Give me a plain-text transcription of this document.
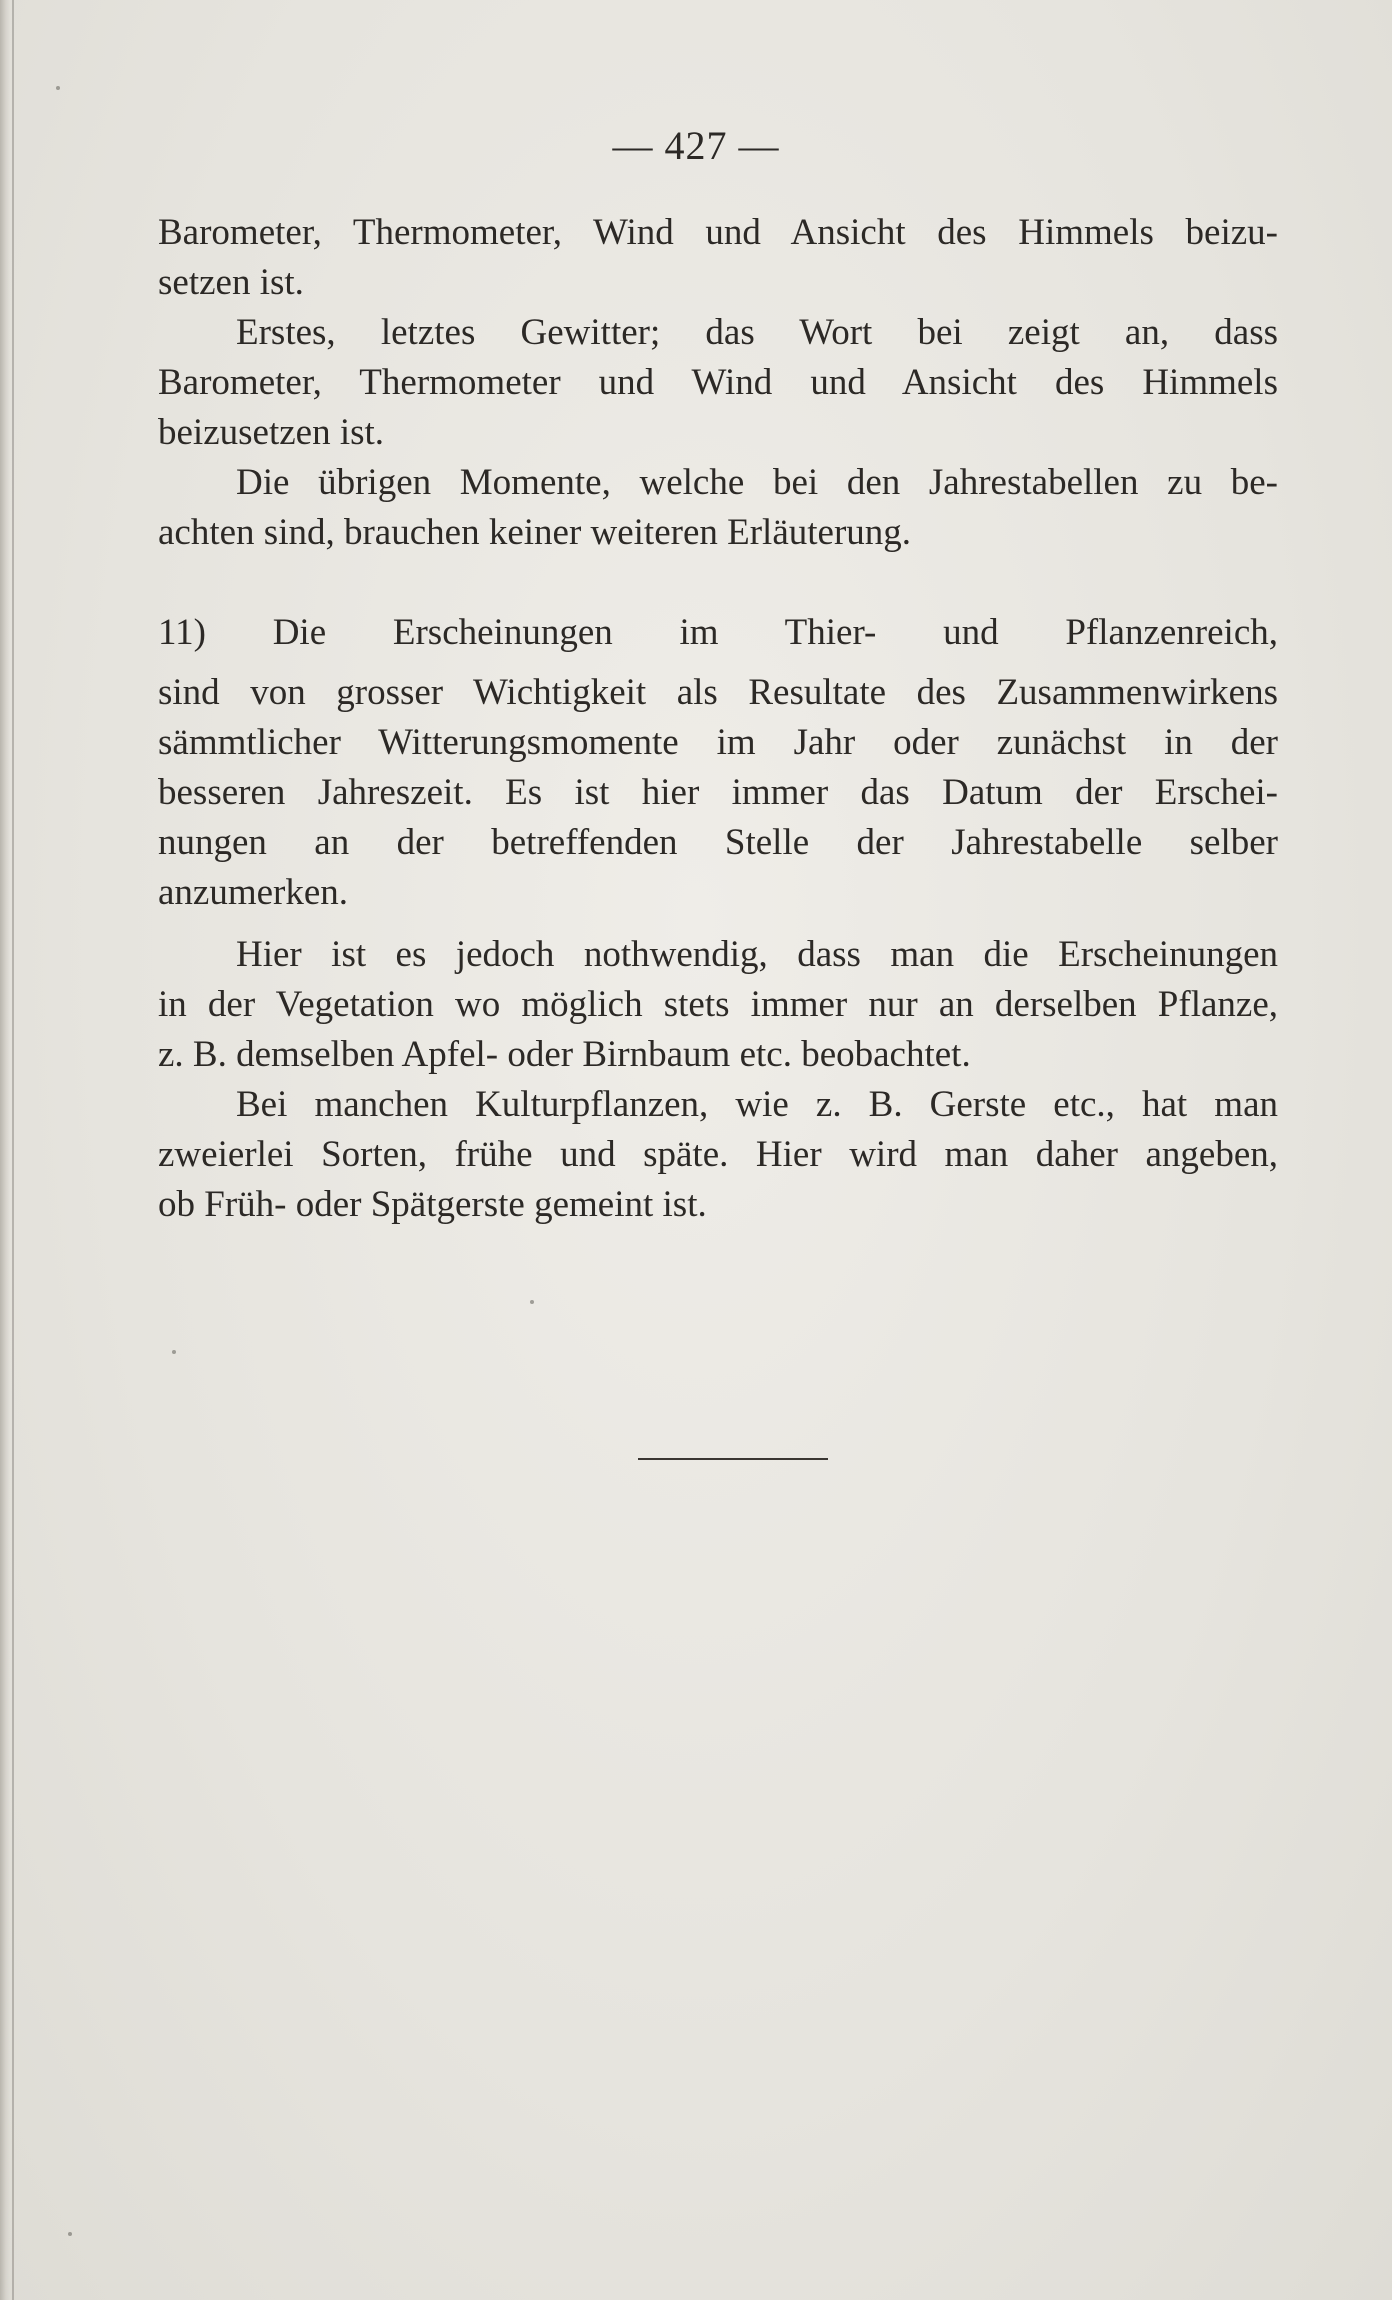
— 427 —
Barometer, Thermometer, Wind und Ansicht des Himmels beizu-
setzen ist.
Erstes, letztes Gewitter; das Wort bei zeigt an, dass
Barometer, Thermometer und Wind und Ansicht des Himmels
beizusetzen ist.
Die übrigen Momente, welche bei den Jahrestabellen zu be-
achten sind, brauchen keiner weiteren Erläuterung.
11) Die Erscheinungen im Thier- und Pflanzenreich,
sind von grosser Wichtigkeit als Resultate des Zusammenwirkens
sämmtlicher Witterungsmomente im Jahr oder zunächst in der
besseren Jahreszeit. Es ist hier immer das Datum der Erschei-
nungen an der betreffenden Stelle der Jahrestabelle selber
anzumerken.
Hier ist es jedoch nothwendig, dass man die Erscheinungen
in der Vegetation wo möglich stets immer nur an derselben Pflanze,
z. B. demselben Apfel- oder Birnbaum etc. beobachtet.
Bei manchen Kulturpflanzen, wie z. B. Gerste etc., hat man
zweierlei Sorten, frühe und späte. Hier wird man daher angeben,
ob Früh- oder Spätgerste gemeint ist.
